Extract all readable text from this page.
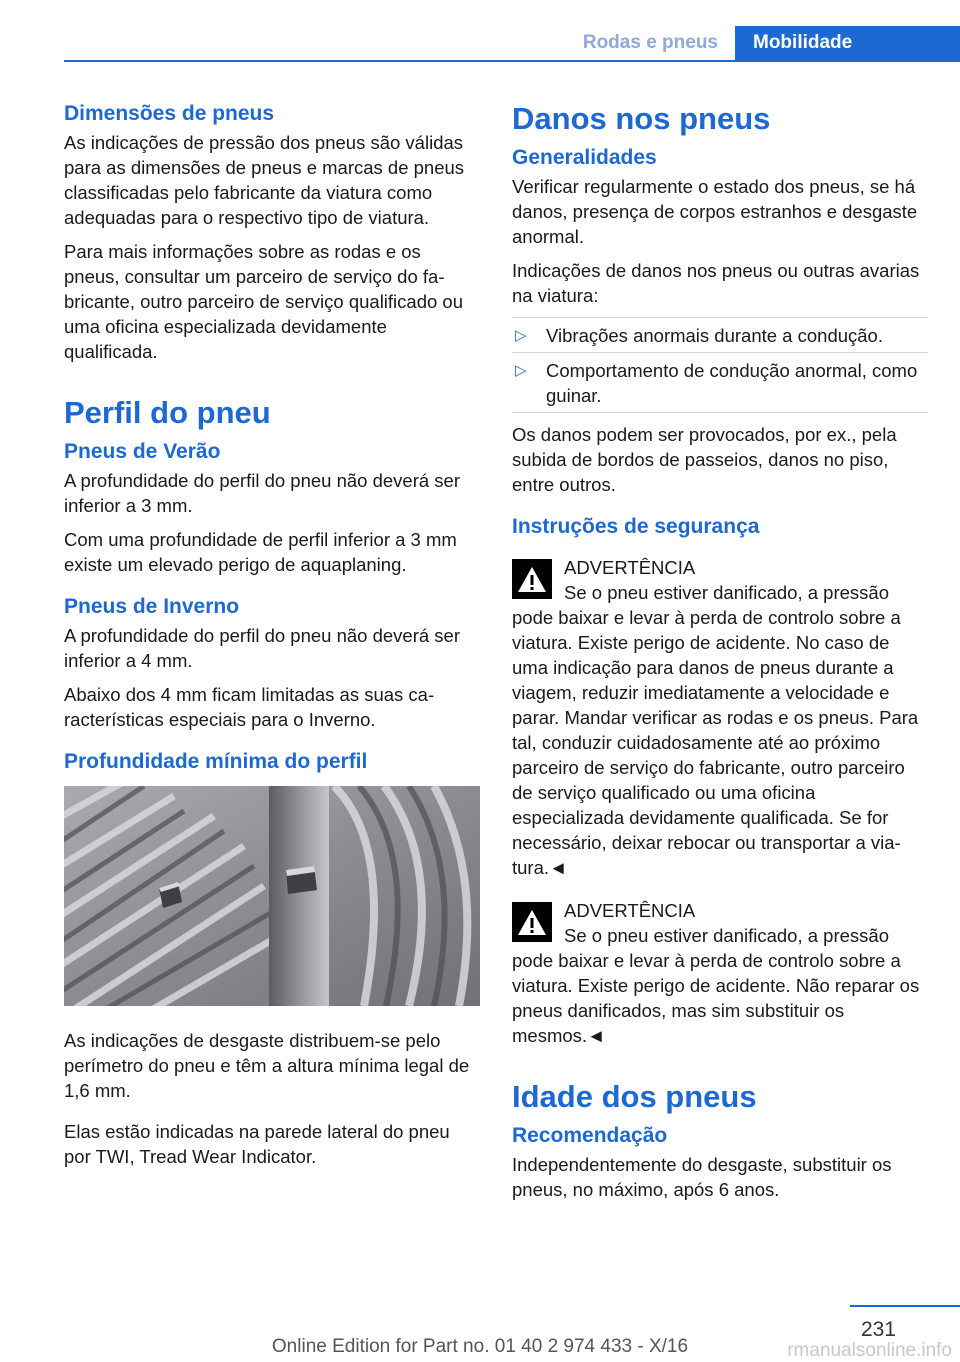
Rodas e pneus	Mobilidade
Dimensões de pneus

As indicações de pressão dos pneus são válidas para as dimensões de pneus e marcas de pneus classificadas pelo fabricante da viatura como adequadas para o respectivo tipo de viatura.

Para mais informações sobre as rodas e os pneus, consultar um parceiro de serviço do fabricante, outro parceiro de serviço qualificado ou uma oficina especializada devidamente qualificada.

Perfil do pneu
Pneus de Verão

A profundidade do perfil do pneu não deverá ser inferior a 3 mm.

Com uma profundidade de perfil inferior a 3 mm existe um elevado perigo de aquaplaning.

Pneus de Inverno

A profundidade do perfil do pneu não deverá ser inferior a 4 mm.

Abaixo dos 4 mm ficam limitadas as suas características especiais para o Inverno.

Profundidade mínima do perfil

As indicações de desgaste distribuem-se pelo perímetro do pneu e têm a altura mínima legal de 1,6 mm.

Elas estão indicadas na parede lateral do pneu por TWI, Tread Wear Indicator.

Danos nos pneus
Generalidades

Verificar regularmente o estado dos pneus, se há danos, presença de corpos estranhos e desgaste anormal.

Indicações de danos nos pneus ou outras avarias na viatura:

▷ Vibrações anormais durante a condução.
▷ Comportamento de condução anormal, como guinar.

Os danos podem ser provocados, por ex., pela subida de bordos de passeios, danos no piso, entre outros.

Instruções de segurança

ADVERTÊNCIA

Se o pneu estiver danificado, a pressão pode baixar e levar à perda de controlo sobre a viatura. Existe perigo de acidente. No caso de uma indicação para danos de pneus durante a viagem, reduzir imediatamente a velocidade e parar. Mandar verificar as rodas e os pneus. Para tal, conduzir cuidadosamente até ao próximo parceiro de serviço do fabricante, outro parceiro de serviço qualificado ou uma oficina especializada devidamente qualificada. Se for necessário, deixar rebocar ou transportar a viatura.◄

ADVERTÊNCIA

Se o pneu estiver danificado, a pressão pode baixar e levar à perda de controlo sobre a viatura. Existe perigo de acidente. Não reparar os pneus danificados, mas sim substituir os mesmos.◄

Idade dos pneus
Recomendação

Independentemente do desgaste, substituir os pneus, no máximo, após 6 anos.

231
Online Edition for Part no. 01 40 2 974 433 - X/16	rmanualsonline.info
